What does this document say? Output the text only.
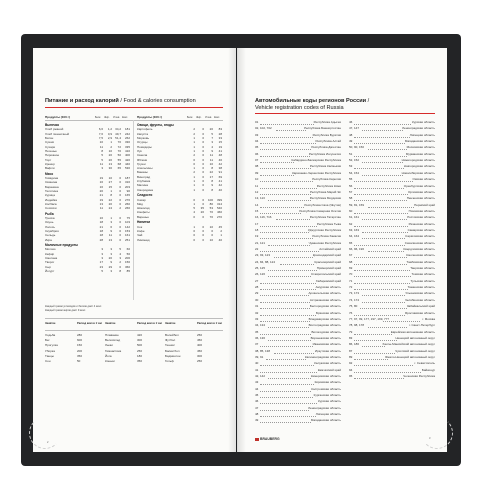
Питание и расход калорий / Food & calories consumption
Продукты (100 г)	Белк. Жир. Углев. Ккал	Продукты (100 г)	Белк. Жир. Углев. Ккал
Выпечка
Хлеб ржаной	6,6	1,2	34,2	181
Хлеб пшеничный	7,6	0,9	49,7	242
Батон	7,5	2,9	51,4	262
Сушки	10	1	70	330
Сухари	11	2	72	335
Печенье	8	10	70	410
Пирожное	5	20	50	400
Торт	5	20	55	420
Крекер	11	13	68	440
Вафли	3	30	65	530
Мясо
Говядина	19	10	0	187
Свинина	16	27	0	316
Баранина	16	15	0	203
Телятина	20	1	0	90
Курица	21	8	0	165
Индейка	19	22	0	276
Колбаса	13	20	0	260
Сосиски	11	24	2	266
Рыба
Треска	16	1	0	75
Окунь	18	3	0	103
Лосось	21	6	0	142
Скумбрия	18	9	0	153
Сельдь	18	11	0	161
Икра	28	13	0	251
Молочные продукты
Молоко	3	3	5	60
Кефир	3	3	4	56
Сметана	3	20	3	206
Творог	17	9	2	156
Сыр	23	29	0	360
Йогурт	5	3	8	85
Овощи, фрукты, ягоды
Картофель	2	0	20	83
Капуста	2	0	5	28
Морковь	1	0	7	33
Огурцы	1	0	3	15
Помидоры	1	0	4	19
Лук	1	0	9	41
Свекла	2	0	11	48
Яблоки	0	0	11	46
Груши	0	0	10	42
Апельсины	1	0	8	38
Бананы	2	0	22	91
Виноград	1	0	17	69
Клубника	1	0	8	41
Малина	1	0	9	42
Смородина	1	0	8	40
Сладости
Сахар	0	0	100	399
Мёд	1	0	80	314
Шоколад	5	35	53	540
Конфеты	4	20	70	460
Варенье	0	0	70	270
Напитки
Сок	1	0	10	45
Кофе	0	0	0	2
Чай	0	0	0	1
Лимонад	0	0	10	40
Каждый грамм углеводов и белков даёт 4 ккал
Каждый грамм жиров даёт 9 ккал
Занятие	Расход ккал в 1 час Занятие	Расход ккал в 1 час Занятие	Расход ккал в 1 час
Ходьба	280	Плавание	420	Волейбол	250
Бег	600	Велосипед	300	Футбол	450
Прогулка	150	Лыжи	500	Теннис	400
Уборка	200	Гимнастика	250	Баскетбол	450
Танцы	350	Йога	180	Бадминтон	300
Сон	50	Коньки	350	Гольф	250
2
Автомобильные коды регионов России /
Vehicle registration codes of Russia
01	Республика Адыгея
02, 102, 702	Республика Башкортостан
03	Республика Бурятия
04	Республика Алтай
05	Республика Дагестан
06	Республика Ингушетия
07	Кабардино-Балкарская Республика
08	Республика Калмыкия
09	Карачаево-Черкесская Республика
10	Республика Карелия
11	Республика Коми
12	Республика Марий Эл
13, 113	Республика Мордовия
14	Республика Саха (Якутия)
15	Республика Северная Осетия
16, 116, 716	Республика Татарстан
17	Республика Тыва
18	Удмуртская Республика
19	Республика Хакасия
21, 121	Чувашская Республика
22	Алтайский край
23, 93, 123	Краснодарский край
24, 84, 88, 124	Красноярский край
25, 125	Приморский край
26, 126	Ставропольский край
27	Хабаровский край
28	Амурская область
29	Архангельская область
30	Астраханская область
31	Белгородская область
32	Брянская область
33	Владимирская область
34, 134	Волгоградская область
35	Вологодская область
36, 136	Воронежская область
37	Ивановская область
38, 85, 138	Иркутская область
39, 91	Калининградская область
40	Калужская область
41	Камчатский край
42, 142	Кемеровская область
43	Кировская область
44	Костромская область
45	Курганская область
46	Курская область
47	Ленинградская область
48	Липецкая область
49	Магаданская область
46	Курская область
47, 147	Ленинградская область
48	Липецкая область
49	Магаданская область
50, 90, 150	Московская область
51	Мурманская область
52, 152	Нижегородская область
53	Новгородская область
54, 154	Новосибирская область
55	Омская область
56	Оренбургская область
57	Орловская область
58	Пензенская область
59, 81, 159	Пермский край
60	Псковская область
61, 161	Ростовская область
62	Рязанская область
63, 163	Самарская область
64, 164	Саратовская область
65	Сахалинская область
66, 96, 196	Свердловская область
67	Смоленская область
68	Тамбовская область
69	Тверская область
70	Томская область
71	Тульская область
72	Тюменская область
73, 173	Ульяновская область
74, 174	Челябинская область
75, 80	Забайкальский край
76	Ярославская область
77, 97, 99, 177, 197, 199, 777	г. Москва
78, 98, 178	г. Санкт-Петербург
79	Еврейская автономная область
83	Ненецкий автономный округ
86, 186	Ханты-Мансийский автономный округ
87	Чукотский автономный округ
89	Ямало-Ненецкий автономный округ
92	г. Севастополь
94	Байконур
95	Чеченская Республика
BRAUBERG	3
